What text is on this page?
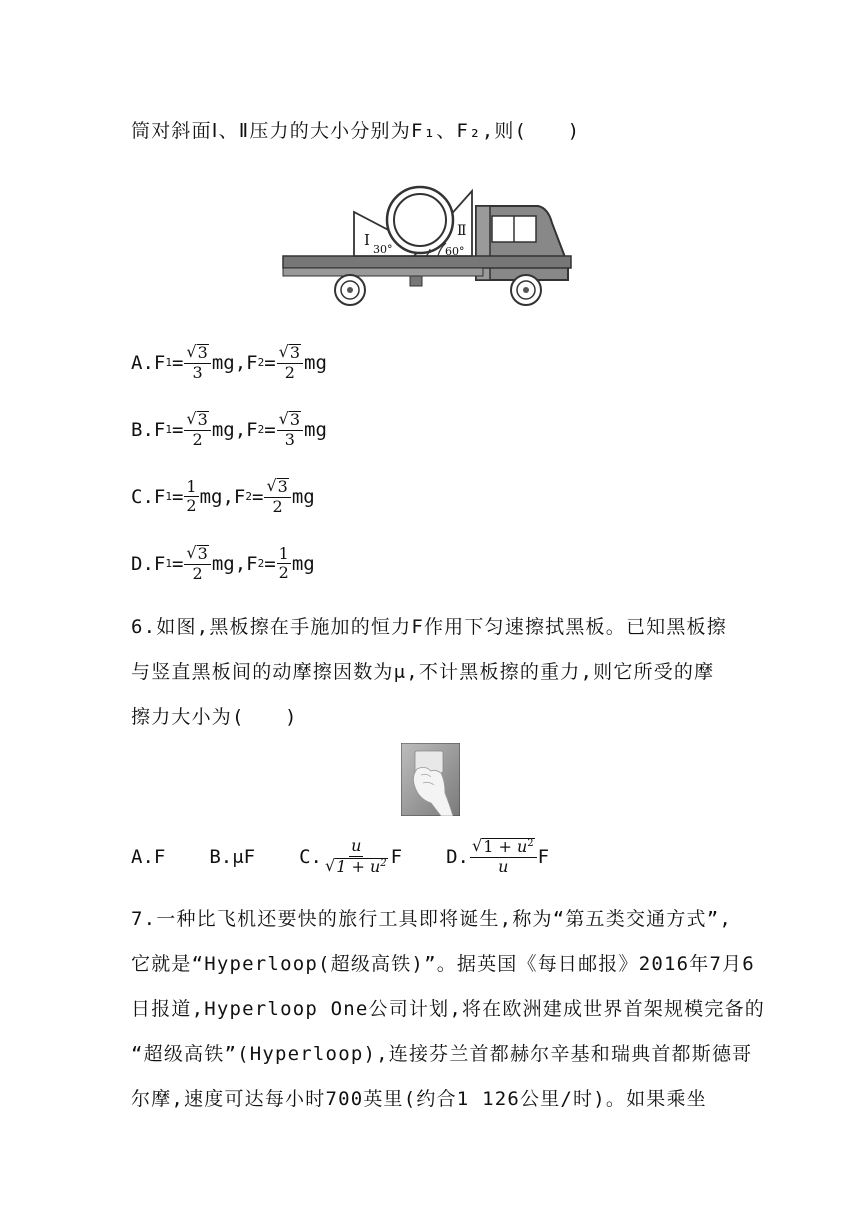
筒对斜面Ⅰ、Ⅱ压力的大小分别为F₁、F₂,则(　　)
I
30°
Ⅱ
60°
A. F $1 = \frac{√ 3}{3} mg,F$ $2 = \frac{√ 3}{2}$ mg
B. F $1 = \frac{√ 3}{2} mg,F$ $2 = \frac{√ 3}{3}$ mg
C. F $1 = \frac{1}{2} mg,F$ $2 = \frac{√ 3}{2}$ mg
D. F $1 = \frac{√ 3}{2} mg,F$ $2 = \frac{1}{2}$ mg
6.如图,黑板擦在手施加的恒力F作用下匀速擦拭黑板。已知黑板擦
与竖直黑板间的动摩擦因数为μ,不计黑板擦的重力,则它所受的摩
擦力大小为(　　)
A.F B.μF C. $\frac{u}{√ 1 + u^2}$ F D. $\frac{√ 1 + u^2}{u}$ F
7.一种比飞机还要快的旅行工具即将诞生,称为“第五类交通方式”,
它就是“Hyperloop(超级高铁)”。据英国《每日邮报》2016年7月6
日报道,Hyperloop One公司计划,将在欧洲建成世界首架规模完备的
“超级高铁”(Hyperloop),连接芬兰首都赫尔辛基和瑞典首都斯德哥
尔摩,速度可达每小时700英里(约合1 126公里/时)。如果乘坐
